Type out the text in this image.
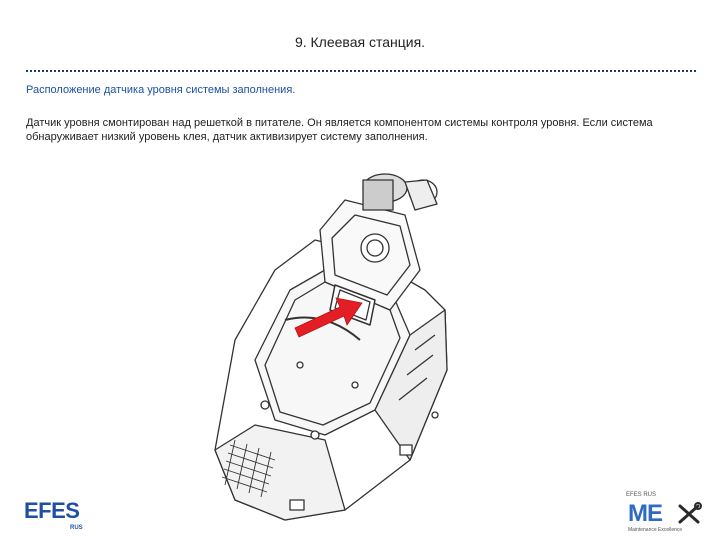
9. Клеевая станция.
Расположение датчика уровня системы заполнения.
Датчик уровня смонтирован над решеткой в питателе. Он является компонентом системы контроля уровня. Если система обнаруживает низкий уровень клея, датчик активизирует систему заполнения.
EFES
RUS
EFES RUS
ME
Maintenance Excellence
